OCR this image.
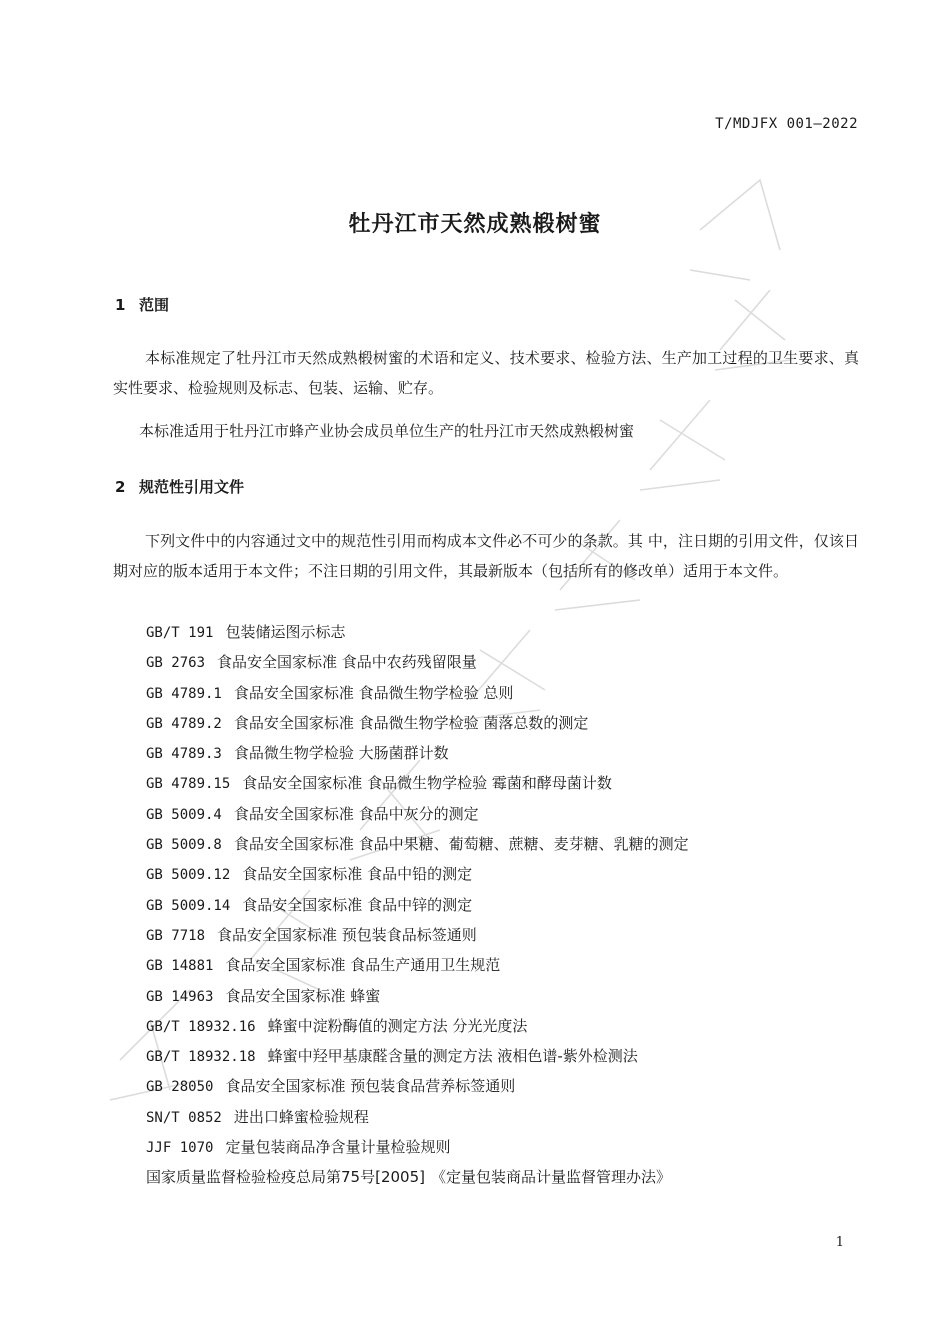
T/MDJFX 001—2022
牡丹江市天然成熟椴树蜜
1 范围
本标准规定了牡丹江市天然成熟椴树蜜的术语和定义、技术要求、检验方法、生产加工过程的卫生要求、真实性要求、检验规则及标志、包装、运输、贮存。
本标准适用于牡丹江市蜂产业协会成员单位生产的牡丹江市天然成熟椴树蜜
2 规范性引用文件
下列文件中的内容通过文中的规范性引用而构成本文件必不可少的条款。其 中，注日期的引用文件，仅该日期对应的版本适用于本文件；不注日期的引用文件，其最新版本（包括所有的修改单）适用于本文件。
GB/T 191 包装储运图示标志
GB 2763 食品安全国家标准 食品中农药残留限量
GB 4789.1 食品安全国家标准 食品微生物学检验 总则
GB 4789.2 食品安全国家标准 食品微生物学检验 菌落总数的测定
GB 4789.3 食品微生物学检验 大肠菌群计数
GB 4789.15 食品安全国家标准 食品微生物学检验 霉菌和酵母菌计数
GB 5009.4 食品安全国家标准 食品中灰分的测定
GB 5009.8 食品安全国家标准 食品中果糖、葡萄糖、蔗糖、麦芽糖、乳糖的测定
GB 5009.12 食品安全国家标准 食品中铅的测定
GB 5009.14 食品安全国家标准 食品中锌的测定
GB 7718 食品安全国家标准 预包装食品标签通则
GB 14881 食品安全国家标准 食品生产通用卫生规范
GB 14963 食品安全国家标准 蜂蜜
GB/T 18932.16 蜂蜜中淀粉酶值的测定方法 分光光度法
GB/T 18932.18 蜂蜜中羟甲基康醛含量的测定方法 液相色谱-紫外检测法
GB 28050 食品安全国家标准 预包装食品营养标签通则
SN/T 0852 进出口蜂蜜检验规程
JJF 1070 定量包装商品净含量计量检验规则
国家质量监督检验检疫总局第75号[2005] 《定量包装商品计量监督管理办法》
1
